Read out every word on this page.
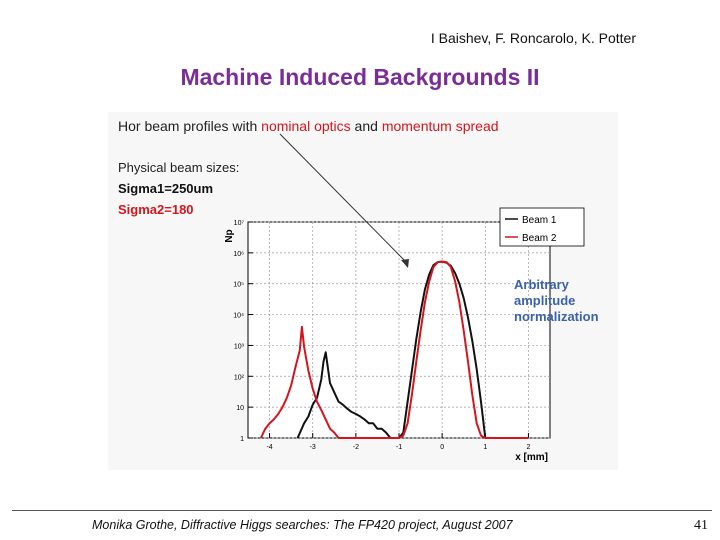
I Baishev, F. Roncarolo, K. Potter
Machine Induced Backgrounds II
-4	-3	-2	-1	0	1	2
1
10
10²
10³
10⁴
10⁵
10⁶
10⁷
x [mm]
Np
Beam 1
Beam 2
Hor beam profiles with nominal optics and momentum spread
Physical beam sizes:
Sigma1=250um
Sigma2=180
Arbitrary
amplitude
normalization
Monika Grothe, Diffractive Higgs searches: The FP420 project, August 2007	41
